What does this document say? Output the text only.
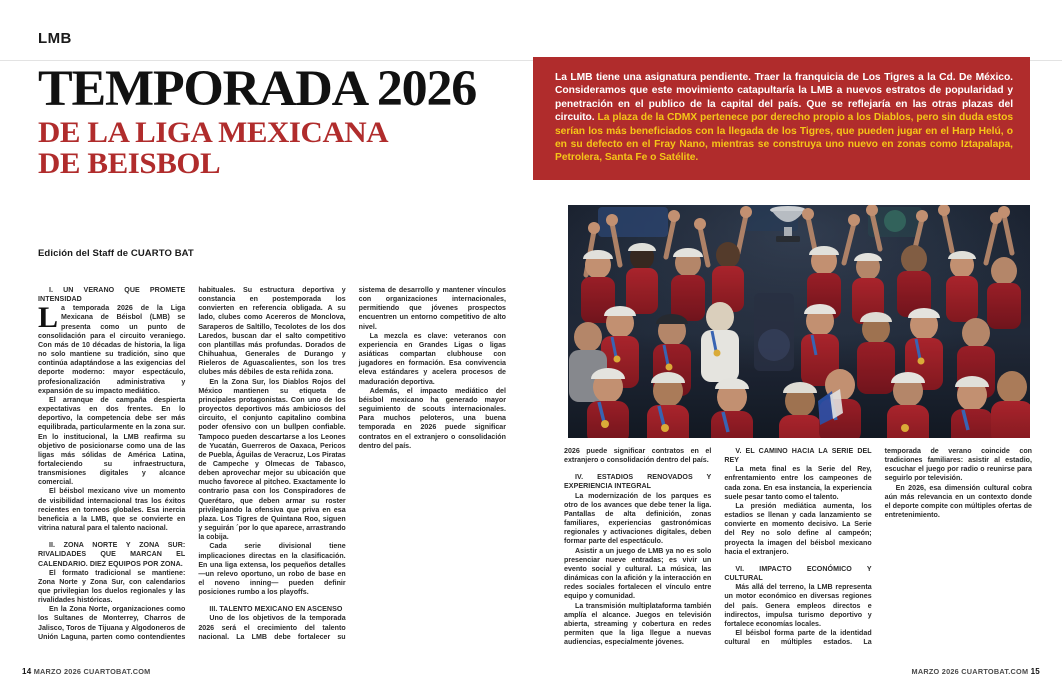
LMB
TEMPORADA 2026
DE LA LIGA MEXICANA
DE BEISBOL
Edición del Staff de CUARTO BAT

I. UN VERANO QUE PROMETE INTENSIDAD

La temporada 2026 de la Liga Mexicana de Béisbol (LMB) se presenta como un punto de consolidación para el circuito veraniego. Con más de 10 décadas de historia, la liga no solo mantiene su tradición, sino que continúa adaptándose a las exigencias del deporte moderno: mayor espectáculo, profesionalización administrativa y expansión de su impacto mediático.

El arranque de campaña despierta expectativas en dos frentes. En lo deportivo, la competencia debe ser más equilibrada, particularmente en la zona sur. En lo institucional, la LMB reafirma su objetivo de posicionarse como una de las ligas más sólidas de América Latina, fortaleciendo su infraestructura, transmisiones digitales y alcance comercial.

El béisbol mexicano vive un momento de visibilidad internacional tras los éxitos recientes en torneos globales. Esa inercia beneficia a la LMB, que se convierte en vitrina natural para el talento nacional.

II. ZONA NORTE Y ZONA SUR: RIVALIDADES QUE MARCAN EL CALENDARIO. DIEZ EQUIPOS POR ZONA.

El formato tradicional se mantiene: Zona Norte y Zona Sur, con calendarios que privilegian los duelos regionales y las rivalidades históricas.

En la Zona Norte, organizaciones como los Sultanes de Monterrey, Charros de Jalisco, Toros de Tijuana y Algodoneros de Unión Laguna, parten como contendientes habituales. Su estructura deportiva y constancia en postemporada los convierten en referencia obligada. A su lado, clubes como Acereros de Monclova, Saraperos de Saltillo, Tecolotes de los dos Laredos, buscan dar el salto competitivo con plantillas más profundas. Dorados de Chihuahua, Generales de Durango y Rieleros de Aguascalientes, son los tres clubes más débiles de esta reñida zona.

En la Zona Sur, los Diablos Rojos del México mantienen su etiqueta de principales protagonistas. Con uno de los proyectos deportivos más ambiciosos del circuito, el conjunto capitalino combina poder ofensivo con un bullpen confiable. Tampoco pueden descartarse a los Leones de Yucatán, Guerreros de Oaxaca, Pericos de Puebla, Águilas de Veracruz, Los Piratas de Campeche y Olmecas de Tabasco, deben aprovechar mejor su ubicación que mucho favorece al pitcheo. Exactamente lo contrario pasa con los Conspiradores de Querétaro, que deben armar su roster privilegiando la ofensiva que priva en esa plaza. Los Tigres de Quintana Roo, siguen y seguirán ´por lo que aparece, arrastrando la cobija.

Cada serie divisional tiene implicaciones directas en la clasificación. En una liga extensa, los pequeños detalles —un relevo oportuno, un robo de base en el noveno inning— pueden definir posiciones rumbo a los playoffs.

III. TALENTO MEXICANO EN ASCENSO

Uno de los objetivos de la temporada 2026 será el crecimiento del talento nacional. La LMB debe fortalecer su sistema de desarrollo y mantener vínculos con organizaciones internacionales, permitiendo que jóvenes prospectos encuentren un entorno competitivo de alto nivel.

La mezcla es clave: veteranos con experiencia en Grandes Ligas o ligas asiáticas compartan clubhouse con jugadores en formación. Esa convivencia eleva estándares y acelera procesos de maduración deportiva.

Además, el impacto mediático del béisbol mexicano ha generado mayor seguimiento de scouts internacionales. Para muchos peloteros, una buena temporada en 2026 puede significar contratos en el extranjero o consolidación dentro del país.

La LMB tiene una asignatura pendiente. Traer la franquicia de Los Tigres a la Cd. De México. Consideramos que este movimiento catapultaría la LMB a nuevos estratos de popularidad y penetración en el publico de la capital del país. Que se reflejaría en las otras plazas del circuito. La plaza de la CDMX pertenece por derecho propio a los Diablos, pero sin duda estos serían los más beneficiados con la llegada de los Tigres, que pueden jugar en el Harp Helú, o en su defecto en el Fray Nano, mientras se construya uno nuevo en zonas como Iztapalapa, Petrolera, Santa Fe o Satélite.

2026 puede significar contratos en el extranjero o consolidación dentro del país.

IV. ESTADIOS RENOVADOS Y EXPERIENCIA INTEGRAL

La modernización de los parques es otro de los avances que debe tener la liga. Pantallas de alta definición, zonas familiares, experiencias gastronómicas regionales y activaciones digitales, deben formar parte del espectáculo.

Asistir a un juego de LMB ya no es solo presenciar nueve entradas; es vivir un evento social y cultural. La música, las dinámicas con la afición y la interacción en redes sociales fortalecen el vínculo entre equipo y comunidad.

La transmisión multiplataforma también amplía el alcance. Juegos en televisión abierta, streaming y cobertura en redes permiten que la liga llegue a nuevas audiencias, especialmente jóvenes.

V. EL CAMINO HACIA LA SERIE DEL REY

La meta final es la Serie del Rey, enfrentamiento entre los campeones de cada zona. En esa instancia, la experiencia suele pesar tanto como el talento.

La presión mediática aumenta, los estadios se llenan y cada lanzamiento se convierte en momento decisivo. La Serie del Rey no solo define al campeón; proyecta la imagen del béisbol mexicano hacia el extranjero.

VI. IMPACTO ECONÓMICO Y CULTURAL

Más allá del terreno, la LMB representa un motor económico en diversas regiones del país. Genera empleos directos e indirectos, impulsa turismo deportivo y fortalece economías locales.

El béisbol forma parte de la identidad cultural en múltiples estados. La temporada de verano coincide con tradiciones familiares: asistir al estadio, escuchar el juego por radio o reunirse para seguirlo por televisión.

En 2026, esa dimensión cultural cobra aún más relevancia en un contexto donde el deporte compite con múltiples ofertas de entretenimiento.

14 MARZO 2026 CUARTOBAT.COM	MARZO 2026 CUARTOBAT.COM 15
